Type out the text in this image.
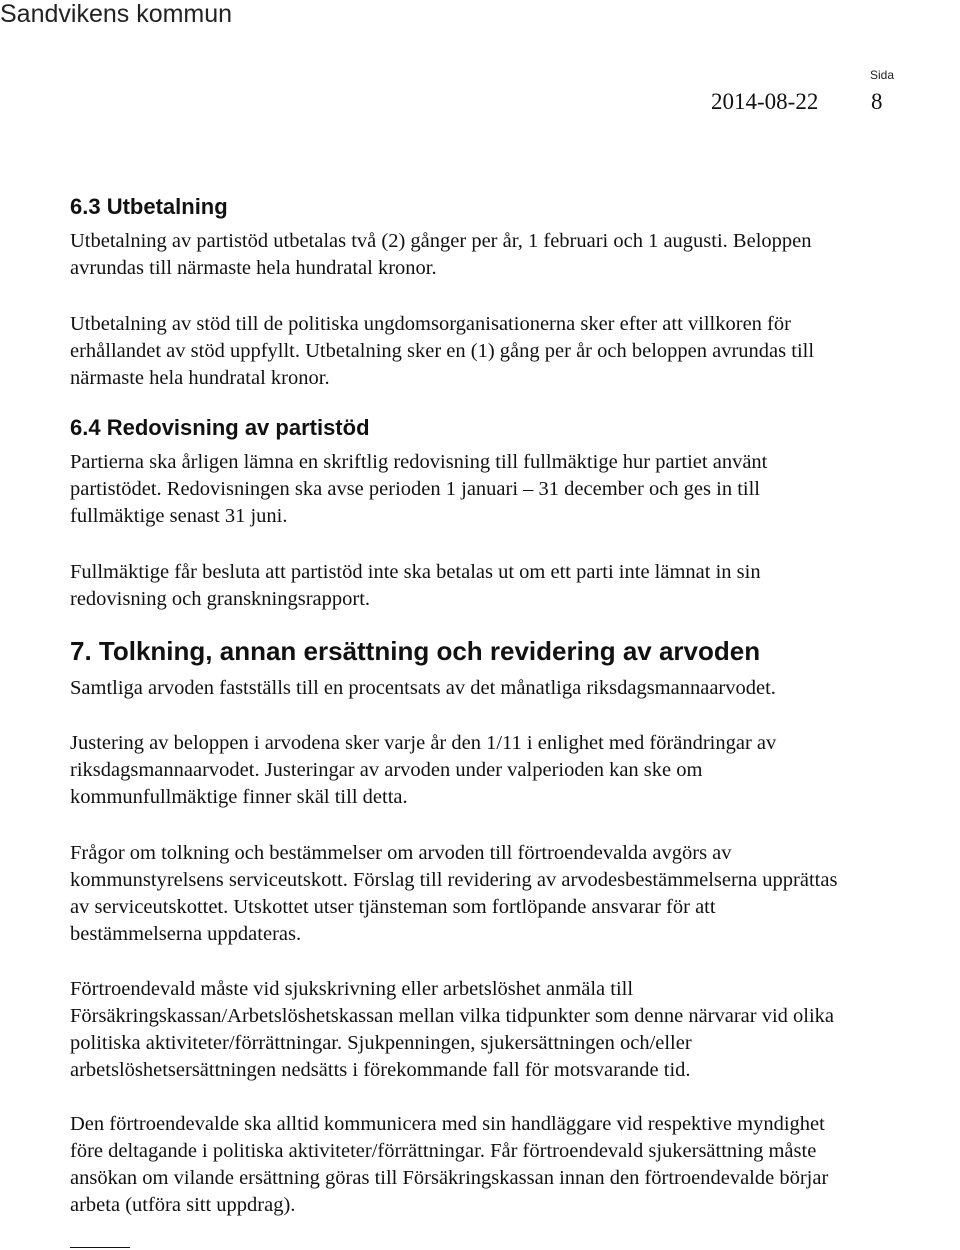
Sandvikens kommun
Sida
2014-08-22 8
6.3 Utbetalning

Utbetalning av partistöd utbetalas två (2) gånger per år, 1 februari och 1 augusti. Beloppen
avrundas till närmaste hela hundratal kronor.

Utbetalning av stöd till de politiska ungdomsorganisationerna sker efter att villkoren för
erhållandet av stöd uppfyllt. Utbetalning sker en (1) gång per år och beloppen avrundas till
närmaste hela hundratal kronor.

6.4 Redovisning av partistöd

Partierna ska årligen lämna en skriftlig redovisning till fullmäktige hur partiet använt
partistödet. Redovisningen ska avse perioden 1 januari – 31 december och ges in till
fullmäktige senast 31 juni.

Fullmäktige får besluta att partistöd inte ska betalas ut om ett parti inte lämnat in sin
redovisning och granskningsrapport.

7. Tolkning, annan ersättning och revidering av arvoden

Samtliga arvoden fastställs till en procentsats av det månatliga riksdagsmannaarvodet.

Justering av beloppen i arvodena sker varje år den 1/11 i enlighet med förändringar av
riksdagsmannaarvodet. Justeringar av arvoden under valperioden kan ske om
kommunfullmäktige finner skäl till detta.

Frågor om tolkning och bestämmelser om arvoden till förtroendevalda avgörs av
kommunstyrelsens serviceutskott. Förslag till revidering av arvodesbestämmelserna upprättas
av serviceutskottet. Utskottet utser tjänsteman som fortlöpande ansvarar för att
bestämmelserna uppdateras.

Förtroendevald måste vid sjukskrivning eller arbetslöshet anmäla till
Försäkringskassan/Arbetslöshetskassan mellan vilka tidpunkter som denne närvarar vid olika
politiska aktiviteter/förrättningar. Sjukpenningen, sjukersättningen och/eller
arbetslöshetsersättningen nedsätts i förekommande fall för motsvarande tid.

Den förtroendevalde ska alltid kommunicera med sin handläggare vid respektive myndighet
före deltagande i politiska aktiviteter/förrättningar. Får förtroendevald sjukersättning måste
ansökan om vilande ersättning göras till Försäkringskassan innan den förtroendevalde börjar
arbeta (utföra sitt uppdrag).
